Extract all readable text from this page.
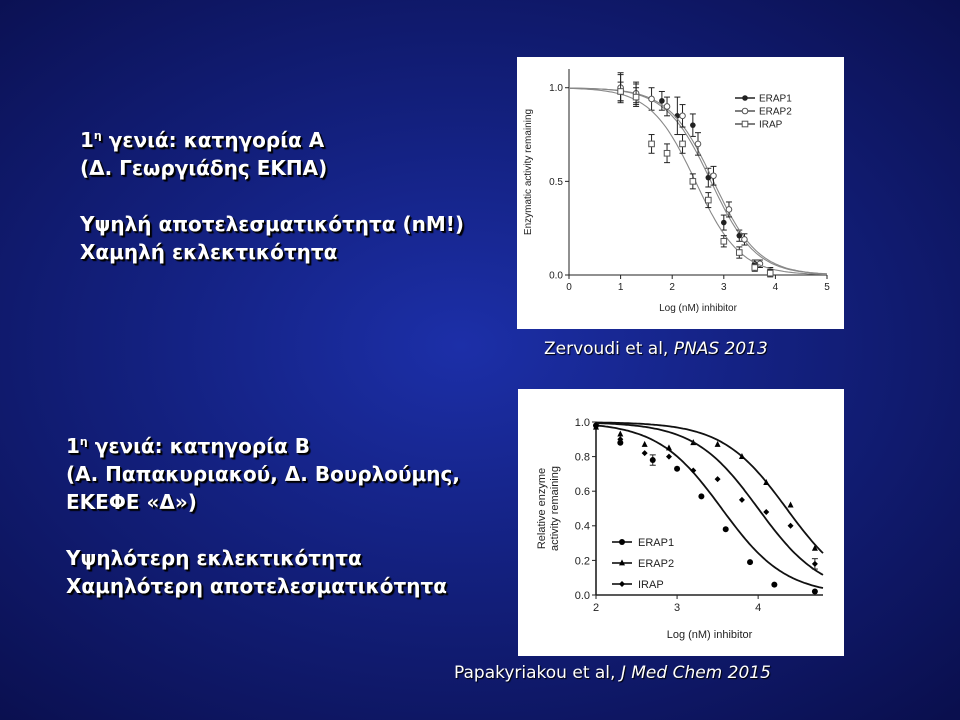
$1^\eta$ γενιά: κατηγορία Α
(Δ. Γεωργιάδης ΕΚΠΑ)
Υψηλή αποτελεσματικότητα (nM!)
Χαμηλή εκλεκτικότητα
$1^\eta$ γενιά: κατηγορία Β
(Α. Παπακυριακού, Δ. Βουρλούμης,
ΕΚΕΦΕ «Δ»)
Υψηλότερη εκλεκτικότητα
Χαμηλότερη αποτελεσματικότητα
0	1	2	3	4	5
0.0
0.5
1.0
Log (nM) inhibitor
Enzymatic activity remaining
ERAP1
ERAP2
IRAP
2	3	4
0.0
0.2
0.4
0.6
0.8
1.0
Log (nM) inhibitor
Relative enzyme activity remaining	ERAP1
ERAP2
IRAP
Zervoudi et al, PNAS 2013
Papakyriakou et al, J Med Chem 2015
